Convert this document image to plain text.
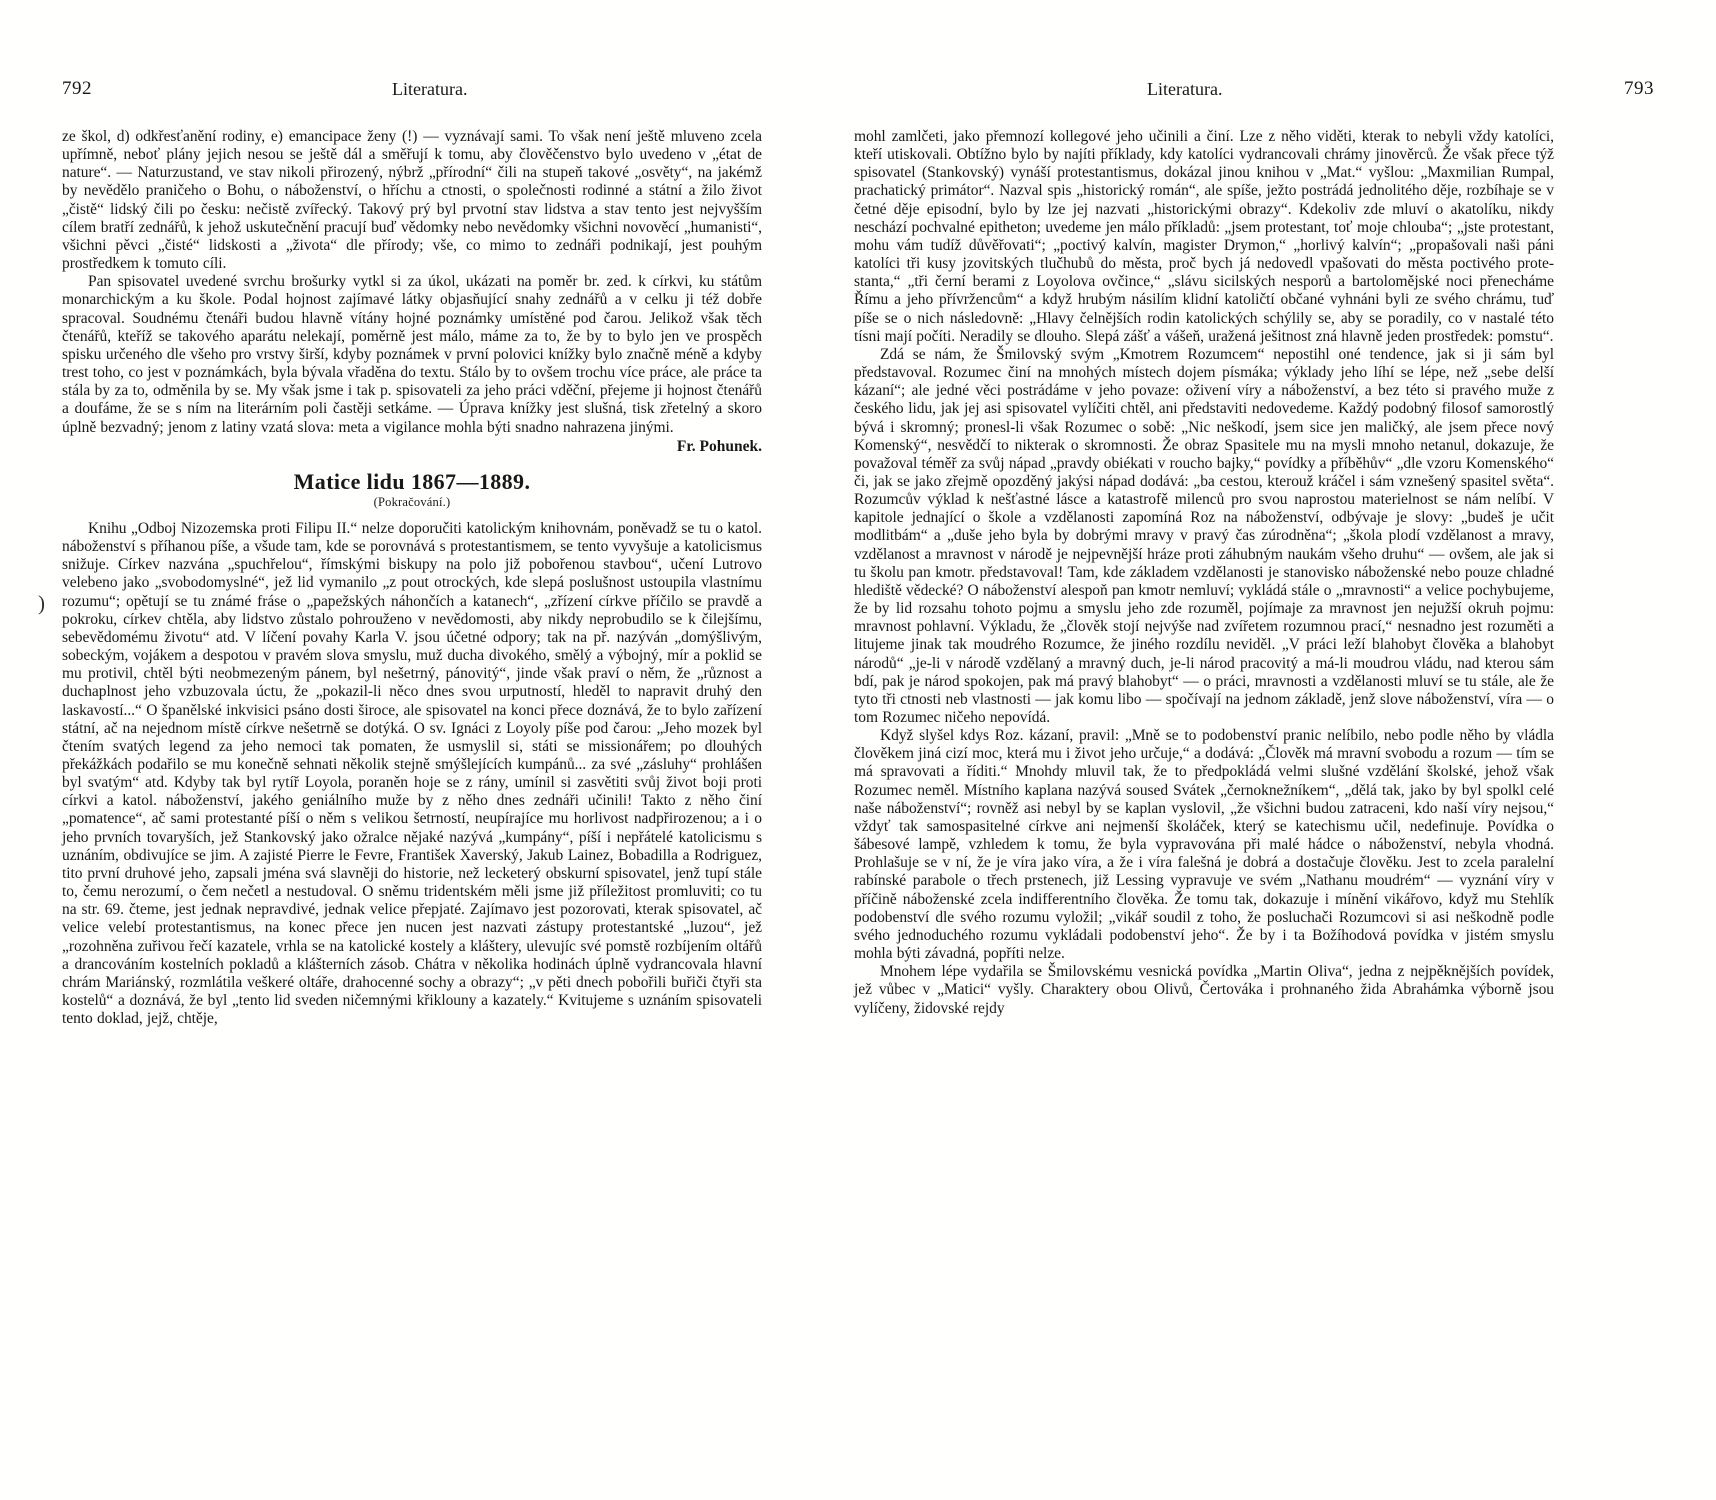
792	Literatura.	Literatura.	793

ze škol, d) odkřesťanění rodiny, e) emancipace ženy (!) — vyznávají sami. To však není ještě mluveno zcela upřímně, neboť plány jejich nesou se ještě dál a směřují k tomu, aby člověčenstvo bylo uvedeno v „état de nature“. — Naturzustand, ve stav nikoli přirozený, nýbrž „přírodní“ čili na stupeň takové „osvěty“, na jakémž by nevědělo praničeho o Bohu, o náboženství, o hříchu a ctnosti, o společnosti rodinné a státní a žilo život „čistě“ lidský čili po česku: nečistě zvířecký. Takový prý byl prvotní stav lidstva a stav tento jest nejvyšším cílem bratří zednářů, k jehož uskutečnění pracují buď vědomky nebo nevědomky všichni novověcí „humanisti“, všichni pěvci „čisté“ lidskosti a „života“ dle přírody; vše, co mimo to zednáři podnikají, jest pouhým prostředkem k tomuto cíli.

Pan spisovatel uvedené svrchu brošurky vytkl si za úkol, ukázati na poměr br. zed. k církvi, ku státům monarchickým a ku škole. Podal hojnost zajímavé látky objasňující snahy zednářů a v celku ji též dobře spracoval. Soudnému čtenáři budou hlavně vítány hojné poznámky umístěné pod čarou. Jelikož však těch čtenářů, kteříž se takového aparátu nelekají, poměrně jest málo, máme za to, že by to bylo jen ve prospěch spisku určeného dle všeho pro vrstvy širší, kdyby poznámek v první polovici knížky bylo značně méně a kdyby trest toho, co jest v poznámkách, byla bývala vřaděna do textu. Stálo by to ovšem trochu více práce, ale práce ta stála by za to, odměnila by se. My však jsme i tak p. spisovateli za jeho práci vděční, přejeme ji hojnost čtenářů a doufáme, že se s ním na literárním poli častěji setkáme. — Úprava knížky jest slušná, tisk zřetelný a skoro úplně bezvadný; jenom z latiny vzatá slova: meta a vigilance mohla býti snadno nahrazena jinými.

Fr. Pohunek.
Matice lidu 1867—1889.
(Pokračování.)
)

Knihu „Odboj Nizozemska proti Filipu II.“ nelze doporučiti katolickým knihovnám, poněvadž se tu o katol. náboženství s příhanou píše, a všude tam, kde se porovnává s protestantismem, se tento vyvyšuje a katolicismus snižuje. Církev nazvána „spuchřelou“, římskými biskupy na polo již pobořenou stavbou“, učení Lutrovo velebeno jako „svobodomyslné“, jež lid vymanilo „z pout otrockých, kde slepá poslušnost ustoupila vlastnímu rozumu“; opětují se tu známé fráse o „papežských náhončích a katanech“, „zřízení církve příčilo se pravdě a pokroku, církev chtěla, aby lidstvo zůstalo pohrouženo v nevědomosti, aby nikdy neprobudilo se k čilejšímu, sebevědomému životu“ atd. V líčení povahy Karla V. jsou účetné odpory; tak na př. nazýván „domýšlivým, sobeckým, vojákem a despotou v pravém slova smyslu, muž ducha divokého, smělý a výbojný, mír a poklid se mu protivil, chtěl býti neobmezeným pánem, byl nešetrný, pánovitý“, jinde však praví o něm, že „různost a duchaplnost jeho vzbuzovala úctu, že „pokazil-li něco dnes svou urputností, hleděl to napravit druhý den laskavostí...“ O španělské inkvisici psáno dosti široce, ale spisovatel na konci přece doznává, že to bylo zařízení státní, ač na nejednom místě církve nešetrně se dotýká. O sv. Ignáci z Loyoly píše pod čarou: „Jeho mozek byl čtením svatých legend za jeho nemoci tak pomaten, že usmyslil si, státi se missionářem; po dlouhých překážkách podařilo se mu konečně sehnati několik stejně smýšlejících kumpánů... za své „zásluhy“ prohlášen byl svatým“ atd. Kdyby tak byl rytíř Loyola, poraněn hoje se z rány, umínil si zasvětiti svůj život boji proti církvi a katol. náboženství, jakého geniálního muže by z něho dnes zednáři učinili! Takto z něho činí „pomatence“, ač sami protestanté píší o něm s velikou šetrností, neupírajíce mu horlivost nadpřirozenou; a i o jeho prvních tovaryších, jež Stankovský jako ožralce nějaké nazývá „kumpány“, píší i nepřátelé katolicismu s uznáním, obdivujíce se jim. A zajisté Pierre le Fevre, František Xaverský, Jakub Lainez, Bobadilla a Rodriguez, tito první druhové jeho, zapsali jména svá slavněji do historie, než lecketerý obskurní spisovatel, jenž tupí stále to, čemu nerozumí, o čem nečetl a nestudoval. O sněmu tridentském měli jsme již příležitost promluviti; co tu na str. 69. čteme, jest jednak nepravdivé, jednak velice přepjaté. Zajímavo jest pozorovati, kterak spisovatel, ač velice velebí protestantismus, na konec přece jen nucen jest nazvati zástupy protestantské „luzou“, jež „rozohněna zuřivou řečí kazatele, vrhla se na katolické kostely a kláštery, ulevujíc své pomstě rozbíjením oltářů a drancováním kostelních pokladů a klášterních zásob. Chátra v několika hodinách úplně vydrancovala hlavní chrám Mariánský, rozmlátila veškeré oltáře, drahocenné sochy a obrazy“; „v pěti dnech pobořili buřiči čtyři sta kostelů“ a doznává, že byl „tento lid sveden ničemnými křiklouny a kazately.“ Kvitujeme s uznáním spisovateli tento doklad, jejž, chtěje,

mohl zamlčeti, jako přemnozí kollegové jeho učinili a činí. Lze z něho viděti, kterak to nebyli vždy katolíci, kteří utiskovali. Obtížno bylo by najíti příklady, kdy katolíci vydrancovali chrámy jinověrců. Že však přece týž spisovatel (Stankovský) vynáší protestantismus, dokázal jinou knihou v „Mat.“ vyšlou: „Maxmilian Rumpal, prachatický primátor“. Nazval spis „historický román“, ale spíše, ježto postrádá jednolitého děje, rozbíhaje se v četné děje episodní, bylo by lze jej nazvati „historickými obrazy“. Kdekoliv zde mluví o akatolíku, nikdy neschází pochvalné epitheton; uvedeme jen málo příkladů: „jsem protestant, toť moje chlouba“; „jste protestant, mohu vám tudíž důvěřovati“; „poctivý kalvín, magister Drymon,“ „horlivý kalvín“; „propašovali naši páni katolíci tři kusy jzovitských tlučhubů do města, proč bych já nedovedl vpašovati do města poctivého protestanta,“ „tři černí berami z Loyolova ovčince,“ „slávu sicilských nesporů a bartolomějské noci přenecháme Římu a jeho přívržencům“ a když hrubým násilím klidní katoličtí občané vyhnáni byli ze svého chrámu, tuď píše se o nich následovně: „Hlavy čelnějších rodin katolických schýlily se, aby se poradily, co v nastalé této tísni mají počíti. Neradily se dlouho. Slepá zášť a vášeň, uražená ješitnost zná hlavně jeden prostředek: pomstu“.

Zdá se nám, že Šmilovský svým „Kmotrem Rozumcem“ nepostihl oné tendence, jak si ji sám byl představoval. Rozumec činí na mnohých místech dojem písmáka; výklady jeho líhí se lépe, než „sebe delší kázaní“; ale jedné věci postrádáme v jeho povaze: oživení víry a náboženství, a bez této si pravého muže z českého lidu, jak jej asi spisovatel vylíčiti chtěl, ani představiti nedovedeme. Každý podobný filosof samorostlý bývá i skromný; pronesl-li však Rozumec o sobě: „Nic neškodí, jsem sice jen maličký, ale jsem přece nový Komenský“, nesvědčí to nikterak o skromnosti. Že obraz Spasitele mu na mysli mnoho netanul, dokazuje, že považoval téměř za svůj nápad „pravdy obiékati v roucho bajky,“ povídky a příběhův“ „dle vzoru Komenského“ či, jak se jako zřejmě opozděný jakýsi nápad dodává: „ba cestou, kterouž kráčel i sám vznešený spasitel světa“. Rozumcův výklad k nešťastné lásce a katastrofě milenců pro svou naprostou materielnost se nám nelíbí. V kapitole jednající o škole a vzdělanosti zapomíná Roz na náboženství, odbývaje je slovy: „budeš je učit modlitbám“ a „duše jeho byla by dobrými mravy v pravý čas zúrodněna“; „škola plodí vzdělanost a mravy, vzdělanost a mravnost v národě je nejpevnější hráze proti záhubným naukám všeho druhu“ — ovšem, ale jak si tu školu pan kmotr. představoval! Tam, kde základem vzdělanosti je stanovisko náboženské nebo pouze chladné hlediště vědecké? O náboženství alespoň pan kmotr nemluví; vykládá stále o „mravnosti“ a velice pochybujeme, že by lid rozsahu tohoto pojmu a smyslu jeho zde rozuměl, pojímaje za mravnost jen nejužší okruh pojmu: mravnost pohlavní. Výkladu, že „člověk stojí nejvýše nad zvířetem rozumnou prací,“ nesnadno jest rozuměti a litujeme jinak tak moudrého Rozumce, že jiného rozdílu neviděl. „V práci leží blahobyt člověka a blahobyt národů“ „je-li v národě vzdělaný a mravný duch, je-li národ pracovitý a má-li moudrou vládu, nad kterou sám bdí, pak je národ spokojen, pak má pravý blahobyt“ — o práci, mravnosti a vzdělanosti mluví se tu stále, ale že tyto tři ctnosti neb vlastnosti — jak komu libo — spočívají na jednom základě, jenž slove náboženství, víra — o tom Rozumec ničeho nepovídá.

Když slyšel kdys Roz. kázaní, pravil: „Mně se to podobenství pranic nelíbilo, nebo podle něho by vládla člověkem jiná cizí moc, která mu i život jeho určuje,“ a dodává: „Člověk má mravní svobodu a rozum — tím se má spravovati a říditi.“ Mnohdy mluvil tak, že to předpokládá velmi slušné vzdělání školské, jehož však Rozumec neměl. Místního kaplana nazývá soused Svátek „černoknežníkem“, „dělá tak, jako by byl spolkl celé naše náboženství“; rovněž asi nebyl by se kaplan vyslovil, „že všichni budou zatraceni, kdo naší víry nejsou,“ vždyť tak samospasitelné církve ani nejmenší školáček, který se katechismu učil, nedefinuje. Povídka o šábesové lampě, vzhledem k tomu, že byla vypravována při malé hádce o náboženství, nebyla vhodná. Prohlašuje se v ní, že je víra jako víra, a že i víra falešná je dobrá a dostačuje člověku. Jest to zcela paralelní rabínské parabole o třech prstenech, již Lessing vypravuje ve svém „Nathanu moudrém“ — vyznání víry v příčině náboženské zcela indifferentního člověka. Že tomu tak, dokazuje i mínění vikářovo, když mu Stehlík podobenství dle svého rozumu vyložil; „vikář soudil z toho, že posluchači Rozumcovi si asi neškodně podle svého jednoduchého rozumu vykládali podobenství jeho“. Že by i ta Božíhodová povídka v jistém smyslu mohla býti závadná, popříti nelze.

Mnohem lépe vydařila se Šmilovskému vesnická povídka „Martin Oliva“, jedna z nejpěknějších povídek, jež vůbec v „Matici“ vyšly. Charaktery obou Olivů, Čertováka i prohnaného žida Abrahámka výborně jsou vylíčeny, židovské rejdy
